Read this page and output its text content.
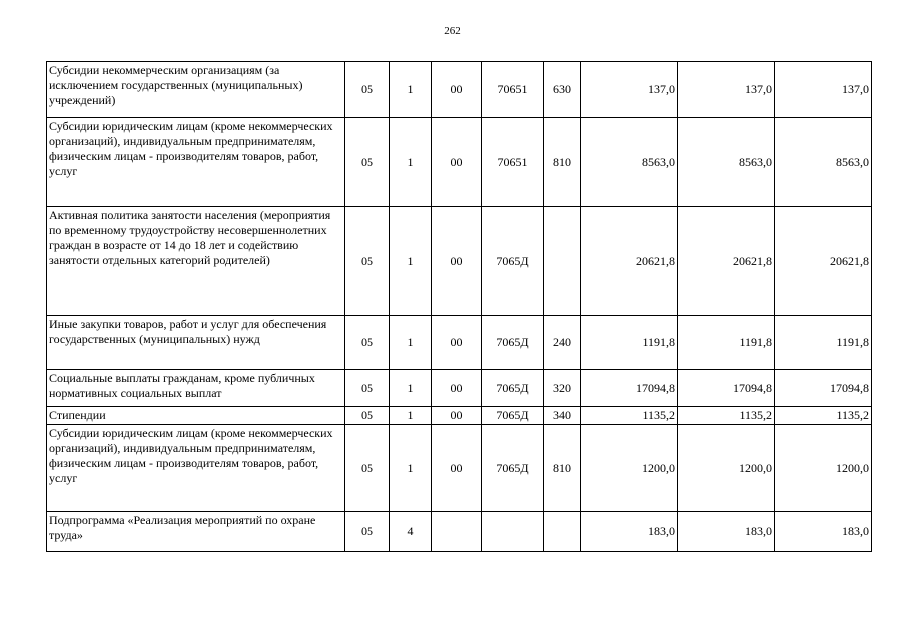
262
Субсидии некоммерческим организациям (за исключением государственных (муниципальных) учреждений)	05	1	00	70651	630	137,0	137,0	137,0
Субсидии юридическим лицам (кроме некоммерческих организаций), индивидуальным предпринимателям, физическим лицам - производителям товаров, работ, услуг	05	1	00	70651	810	8563,0	8563,0	8563,0
Активная политика занятости населения (мероприятия по временному трудоустройству несовершеннолетних граждан в возрасте от 14 до 18 лет и содействию занятости отдельных категорий родителей)	05	1	00	7065Д		20621,8	20621,8	20621,8
Иные закупки товаров, работ и услуг для обеспечения государственных (муниципальных) нужд	05	1	00	7065Д	240	1191,8	1191,8	1191,8
Социальные выплаты гражданам, кроме публичных нормативных социальных выплат	05	1	00	7065Д	320	17094,8	17094,8	17094,8
Стипендии	05	1	00	7065Д	340	1135,2	1135,2	1135,2
Субсидии юридическим лицам (кроме некоммерческих организаций), индивидуальным предпринимателям, физическим лицам - производителям товаров, работ, услуг	05	1	00	7065Д	810	1200,0	1200,0	1200,0
Подпрограмма «Реализация мероприятий по охране труда»	05	4				183,0	183,0	183,0
